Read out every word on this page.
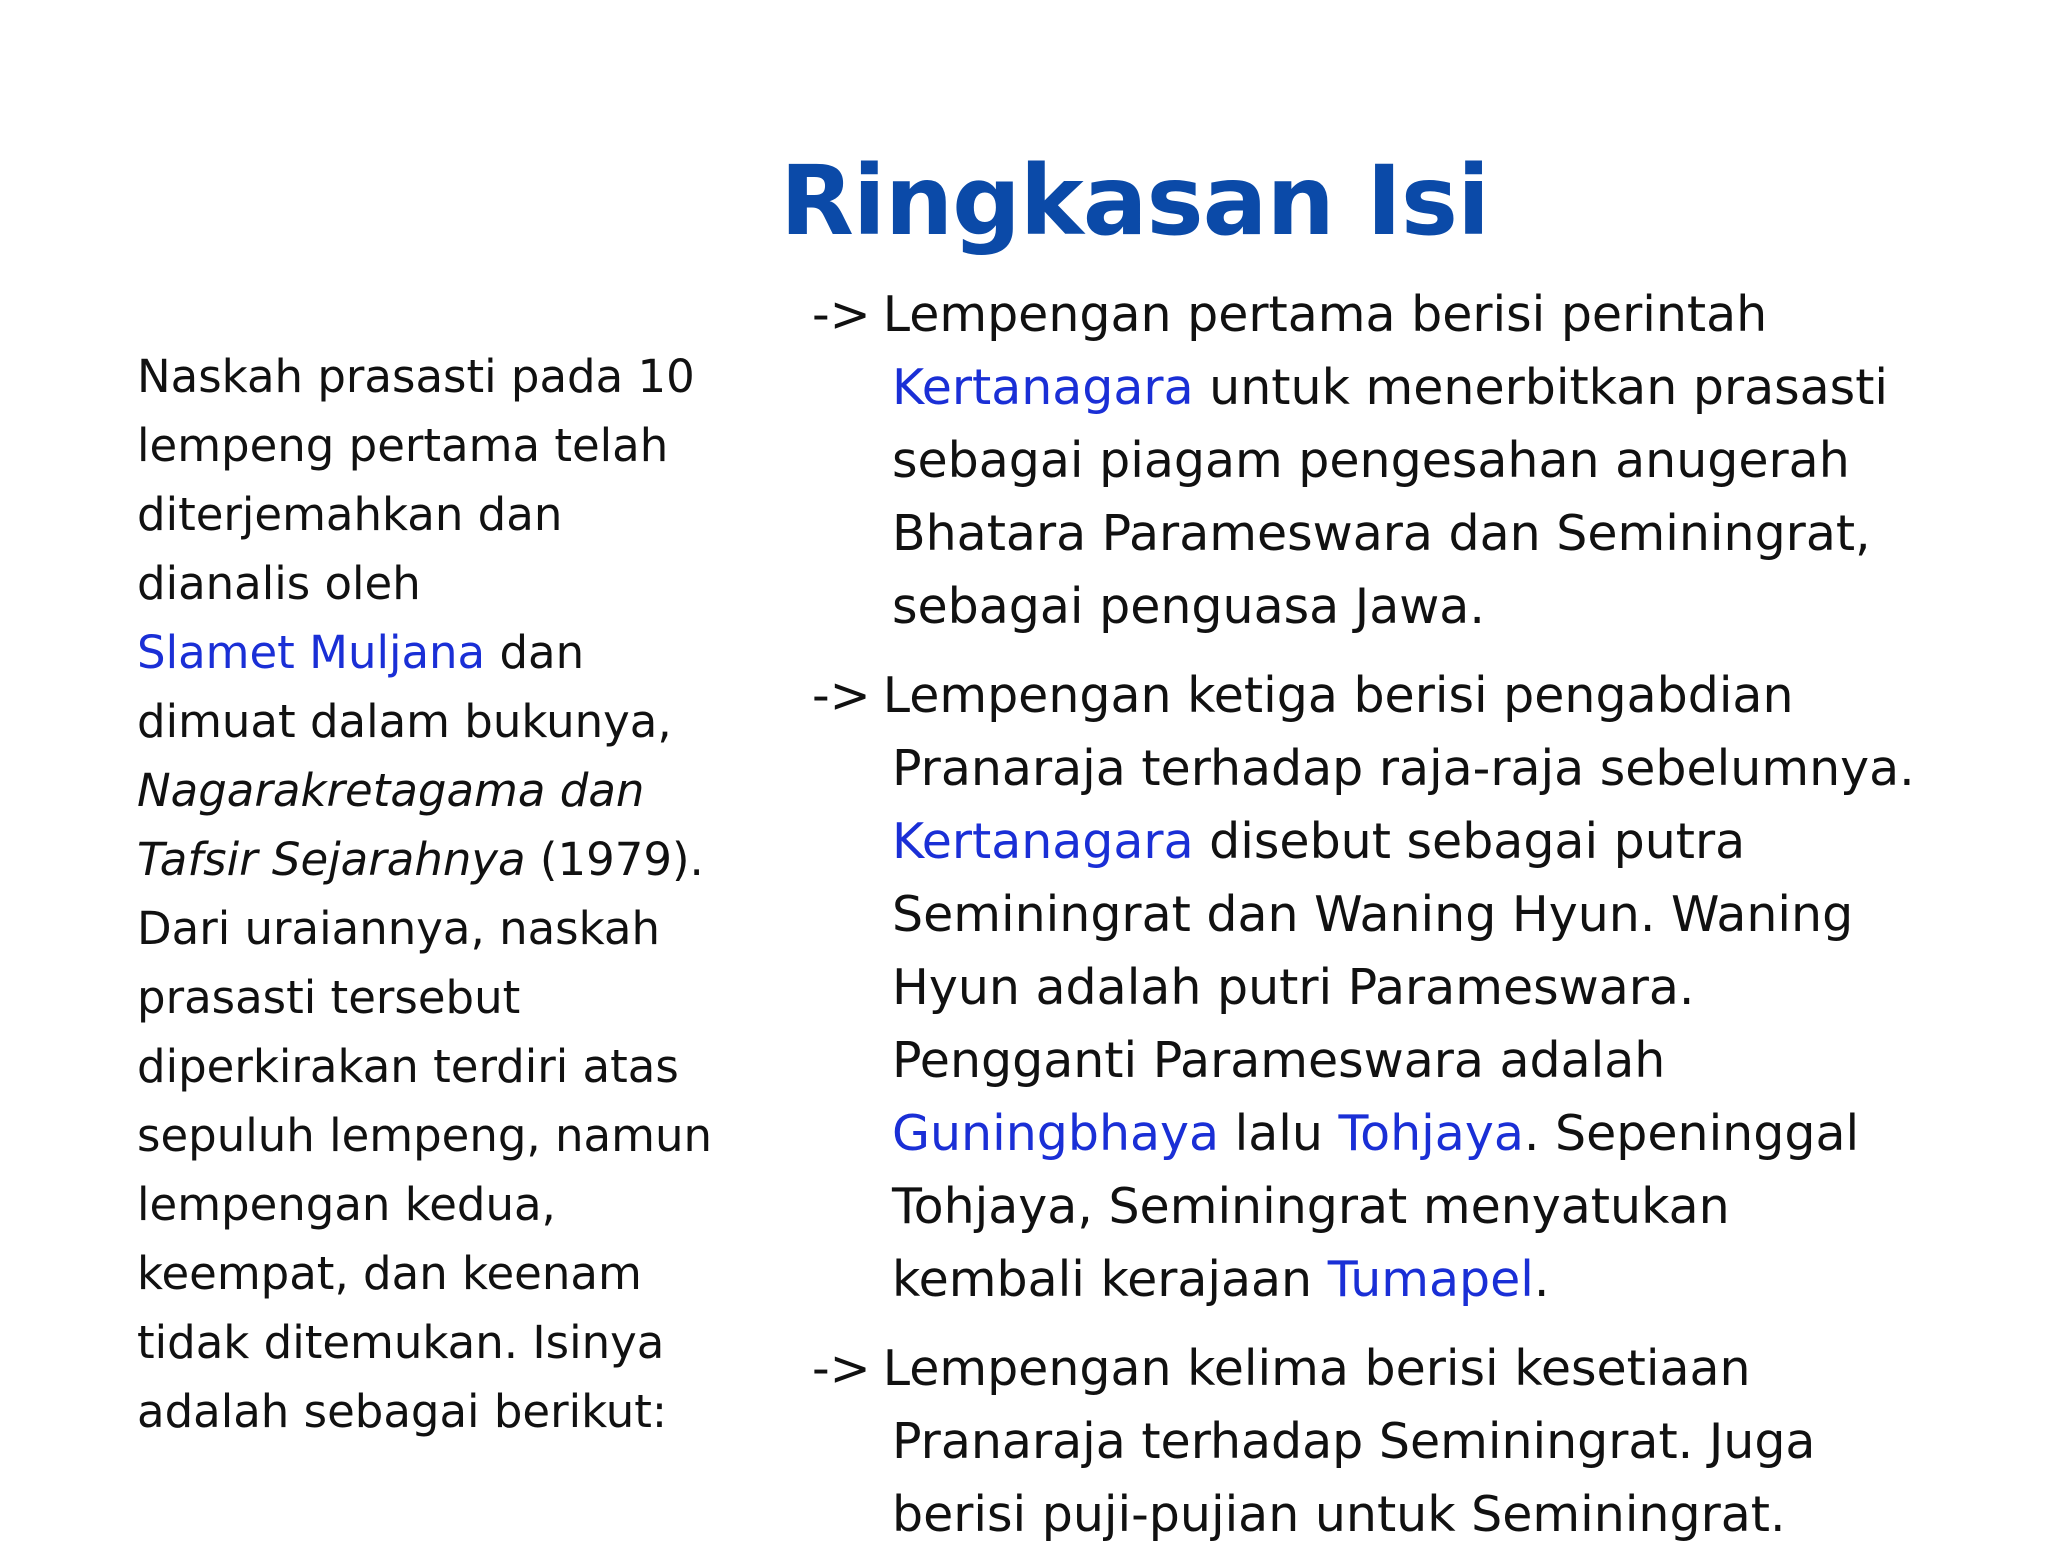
Ringkasan Isi
Naskah prasasti pada 10
lempeng pertama telah
diterjemahkan dan
dianalis oleh
Slamet Muljana dan
dimuat dalam bukunya,
Nagarakretagama dan
Tafsir Sejarahnya (1979).
Dari uraiannya, naskah
prasasti tersebut
diperkirakan terdiri atas
sepuluh lempeng, namun
lempengan kedua,
keempat, dan keenam
tidak ditemukan. Isinya
adalah sebagai berikut:
-> Lempengan pertama berisi perintah
Kertanagara untuk menerbitkan prasasti
sebagai piagam pengesahan anugerah
Bhatara Parameswara dan Seminingrat,
sebagai penguasa Jawa.
-> Lempengan ketiga berisi pengabdian
Pranaraja terhadap raja-raja sebelumnya.
Kertanagara disebut sebagai putra
Seminingrat dan Waning Hyun. Waning
Hyun adalah putri Parameswara.
Pengganti Parameswara adalah
Guningbhaya lalu Tohjaya. Sepeninggal
Tohjaya, Seminingrat menyatukan
kembali kerajaan Tumapel.
-> Lempengan kelima berisi kesetiaan
Pranaraja terhadap Seminingrat. Juga
berisi puji-pujian untuk Seminingrat.
